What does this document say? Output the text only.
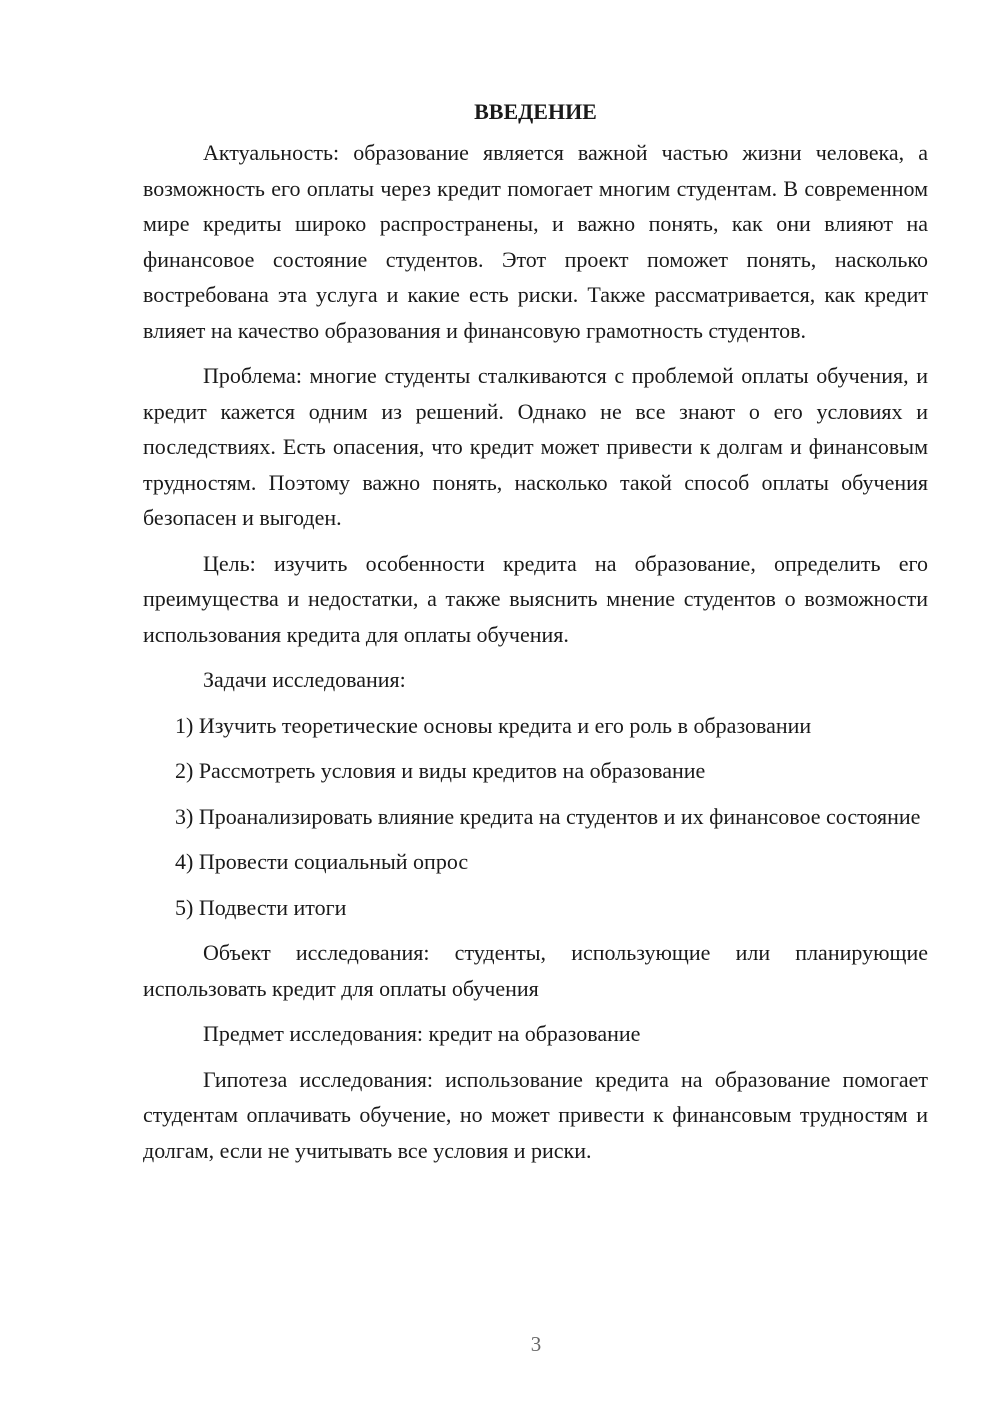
ВВЕДЕНИЕ

Актуальность: образование является важной частью жизни человека, а возможность его оплаты через кредит помогает многим студентам. В современном мире кредиты широко распространены, и важно понять, как они влияют на финансовое состояние студентов. Этот проект поможет понять, насколько востребована эта услуга и какие есть риски. Также рассматривается, как кредит влияет на качество образования и финансовую грамотность студентов.

Проблема: многие студенты сталкиваются с проблемой оплаты обучения, и кредит кажется одним из решений. Однако не все знают о его условиях и последствиях. Есть опасения, что кредит может привести к долгам и финансовым трудностям. Поэтому важно понять, насколько такой способ оплаты обучения безопасен и выгоден.

Цель: изучить особенности кредита на образование, определить его преимущества и недостатки, а также выяснить мнение студентов о возможности использования кредита для оплаты обучения.

Задачи исследования:

1) Изучить теоретические основы кредита и его роль в образовании

2) Рассмотреть условия и виды кредитов на образование

3) Проанализировать влияние кредита на студентов и их финансовое состояние

4) Провести социальный опрос

5) Подвести итоги

Объект исследования: студенты, использующие или планирующие использовать кредит для оплаты обучения

Предмет исследования: кредит на образование

Гипотеза исследования: использование кредита на образование помогает студентам оплачивать обучение, но может привести к финансовым трудностям и долгам, если не учитывать все условия и риски.

3
